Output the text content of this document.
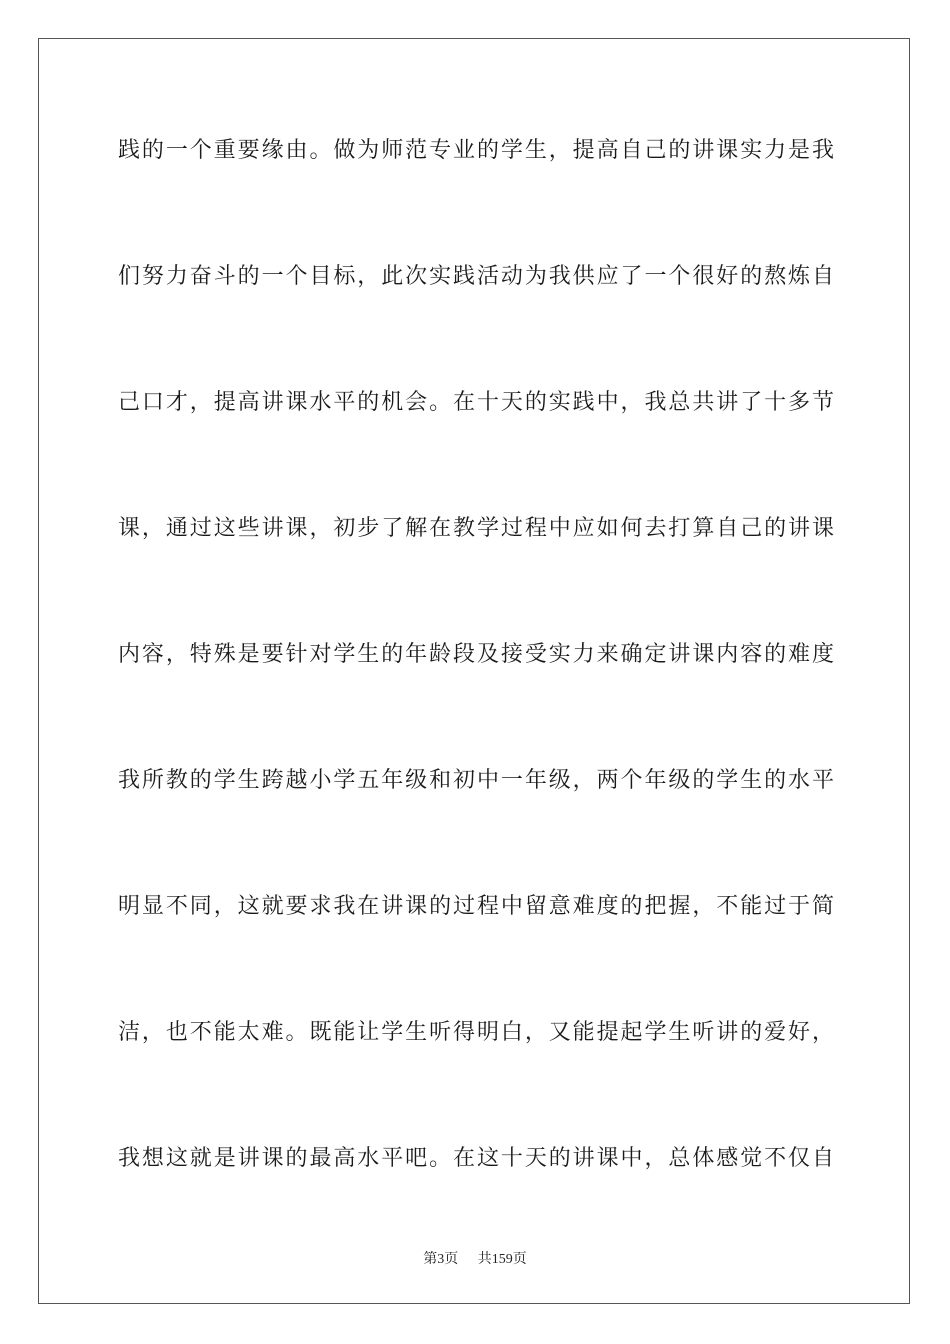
践的一个重要缘由。做为师范专业的学生，提高自己的讲课实力是我
们努力奋斗的一个目标，此次实践活动为我供应了一个很好的熬炼自
己口才，提高讲课水平的机会。在十天的实践中，我总共讲了十多节
课，通过这些讲课，初步了解在教学过程中应如何去打算自己的讲课
内容，特殊是要针对学生的年龄段及接受实力来确定讲课内容的难度
我所教的学生跨越小学五年级和初中一年级，两个年级的学生的水平
明显不同，这就要求我在讲课的过程中留意难度的把握，不能过于简
洁，也不能太难。既能让学生听得明白，又能提起学生听讲的爱好，
我想这就是讲课的最高水平吧。在这十天的讲课中，总体感觉不仅自
第3页 共159页
